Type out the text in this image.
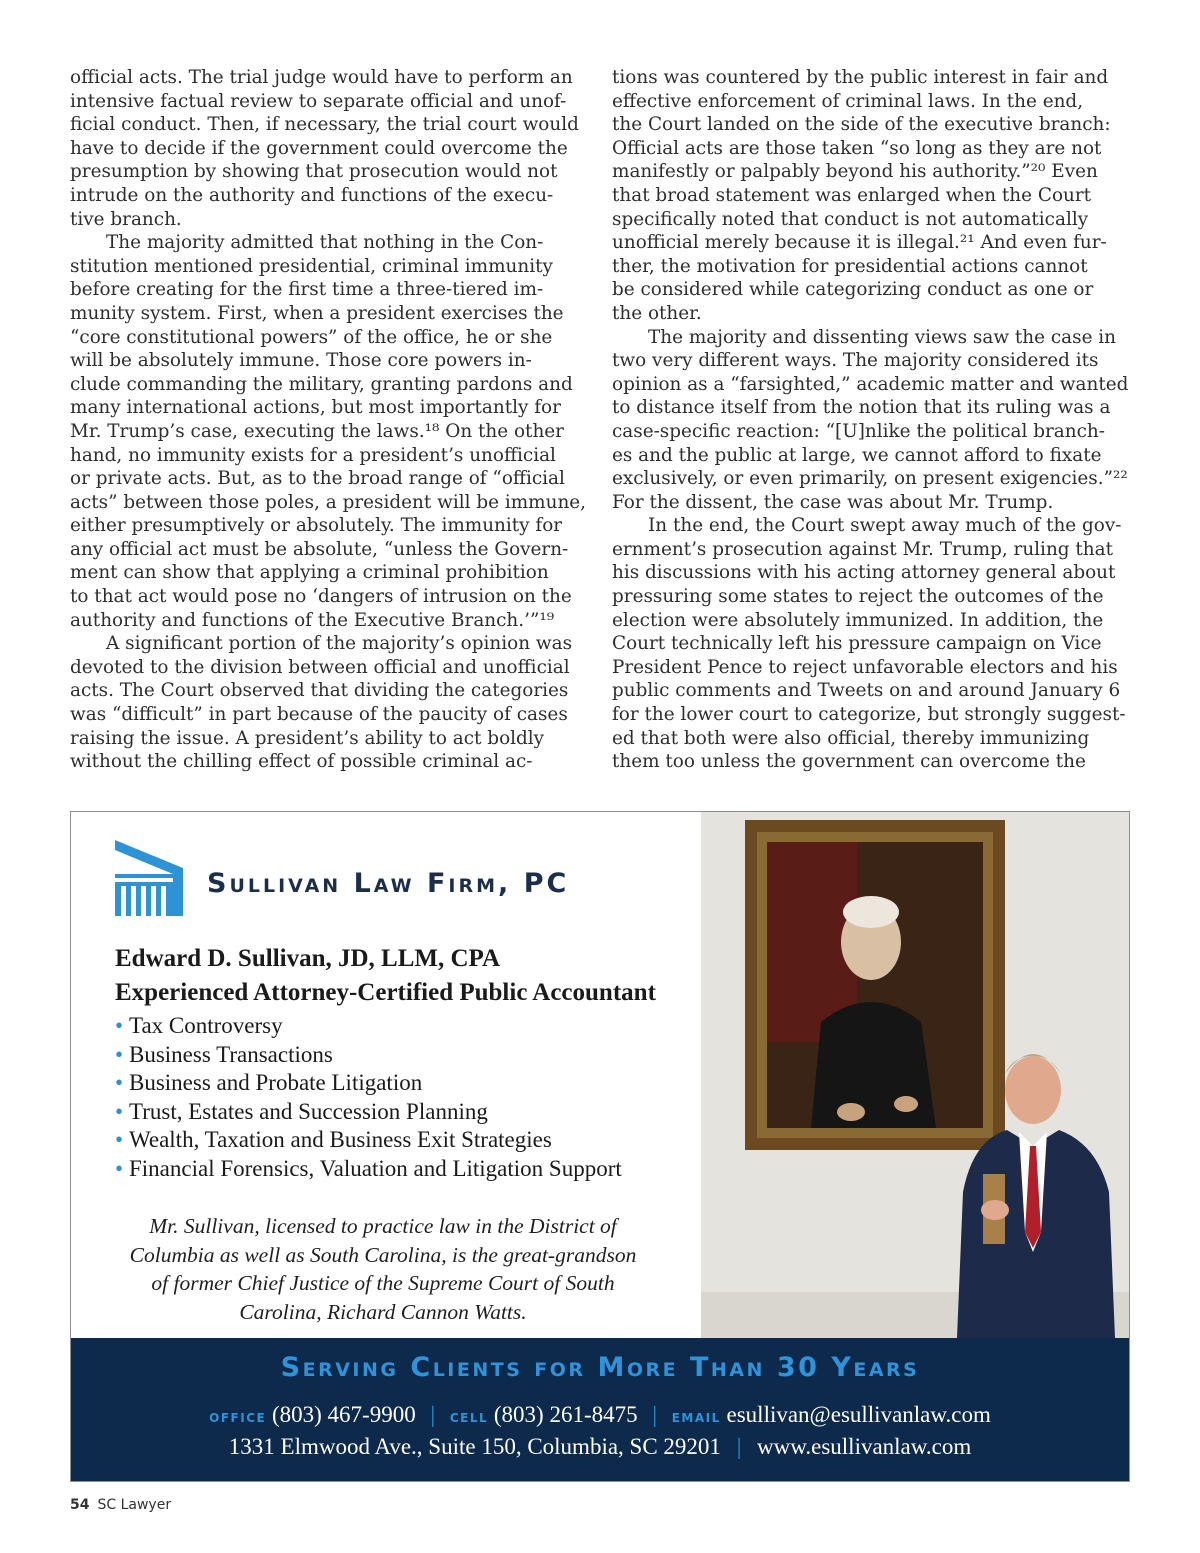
official acts. The trial judge would have to perform an
intensive factual review to separate official and unof-
ficial conduct. Then, if necessary, the trial court would
have to decide if the government could overcome the
presumption by showing that prosecution would not
intrude on the authority and functions of the execu-
tive branch.

The majority admitted that nothing in the Con-
stitution mentioned presidential, criminal immunity
before creating for the first time a three-tiered im-
munity system. First, when a president exercises the
“core constitutional powers” of the office, he or she
will be absolutely immune. Those core powers in-
clude commanding the military, granting pardons and
many international actions, but most importantly for
Mr. Trump’s case, executing the laws.¹⁸ On the other
hand, no immunity exists for a president’s unofficial
or private acts. But, as to the broad range of “official
acts” between those poles, a president will be immune,
either presumptively or absolutely. The immunity for
any official act must be absolute, “unless the Govern-
ment can show that applying a criminal prohibition
to that act would pose no ‘dangers of intrusion on the
authority and functions of the Executive Branch.’”¹⁹

A significant portion of the majority’s opinion was
devoted to the division between official and unofficial
acts. The Court observed that dividing the categories
was “difficult” in part because of the paucity of cases
raising the issue. A president’s ability to act boldly
without the chilling effect of possible criminal ac-

tions was countered by the public interest in fair and
effective enforcement of criminal laws. In the end,
the Court landed on the side of the executive branch:
Official acts are those taken “so long as they are not
manifestly or palpably beyond his authority.”²⁰ Even
that broad statement was enlarged when the Court
specifically noted that conduct is not automatically
unofficial merely because it is illegal.²¹ And even fur-
ther, the motivation for presidential actions cannot
be considered while categorizing conduct as one or
the other.

The majority and dissenting views saw the case in
two very different ways. The majority considered its
opinion as a “farsighted,” academic matter and wanted
to distance itself from the notion that its ruling was a
case-specific reaction: “[U]nlike the political branch-
es and the public at large, we cannot afford to fixate
exclusively, or even primarily, on present exigencies.”²²
For the dissent, the case was about Mr. Trump.

In the end, the Court swept away much of the gov-
ernment’s prosecution against Mr. Trump, ruling that
his discussions with his acting attorney general about
pressuring some states to reject the outcomes of the
election were absolutely immunized. In addition, the
Court technically left his pressure campaign on Vice
President Pence to reject unfavorable electors and his
public comments and Tweets on and around January 6
for the lower court to categorize, but strongly suggest-
ed that both were also official, thereby immunizing
them too unless the government can overcome the

Sullivan Law Firm, PC
Edward D. Sullivan, JD, LLM, CPA
Experienced Attorney-Certified Public Accountant
• Tax Controversy
• Business Transactions
• Business and Probate Litigation
• Trust, Estates and Succession Planning
• Wealth, Taxation and Business Exit Strategies
• Financial Forensics, Valuation and Litigation Support
Mr. Sullivan, licensed to practice law in the District of Columbia as well as South Carolina, is the great-grandson of former Chief Justice of the Supreme Court of South Carolina, Richard Cannon Watts.
Serving Clients for More Than 30 Years
OFFICE (803) 467-9900 | CELL (803) 261-8475 | EMAIL esullivan@esullivanlaw.com
1331 Elmwood Ave., Suite 150, Columbia, SC 29201 | www.esullivanlaw.com
54 SC Lawyer
